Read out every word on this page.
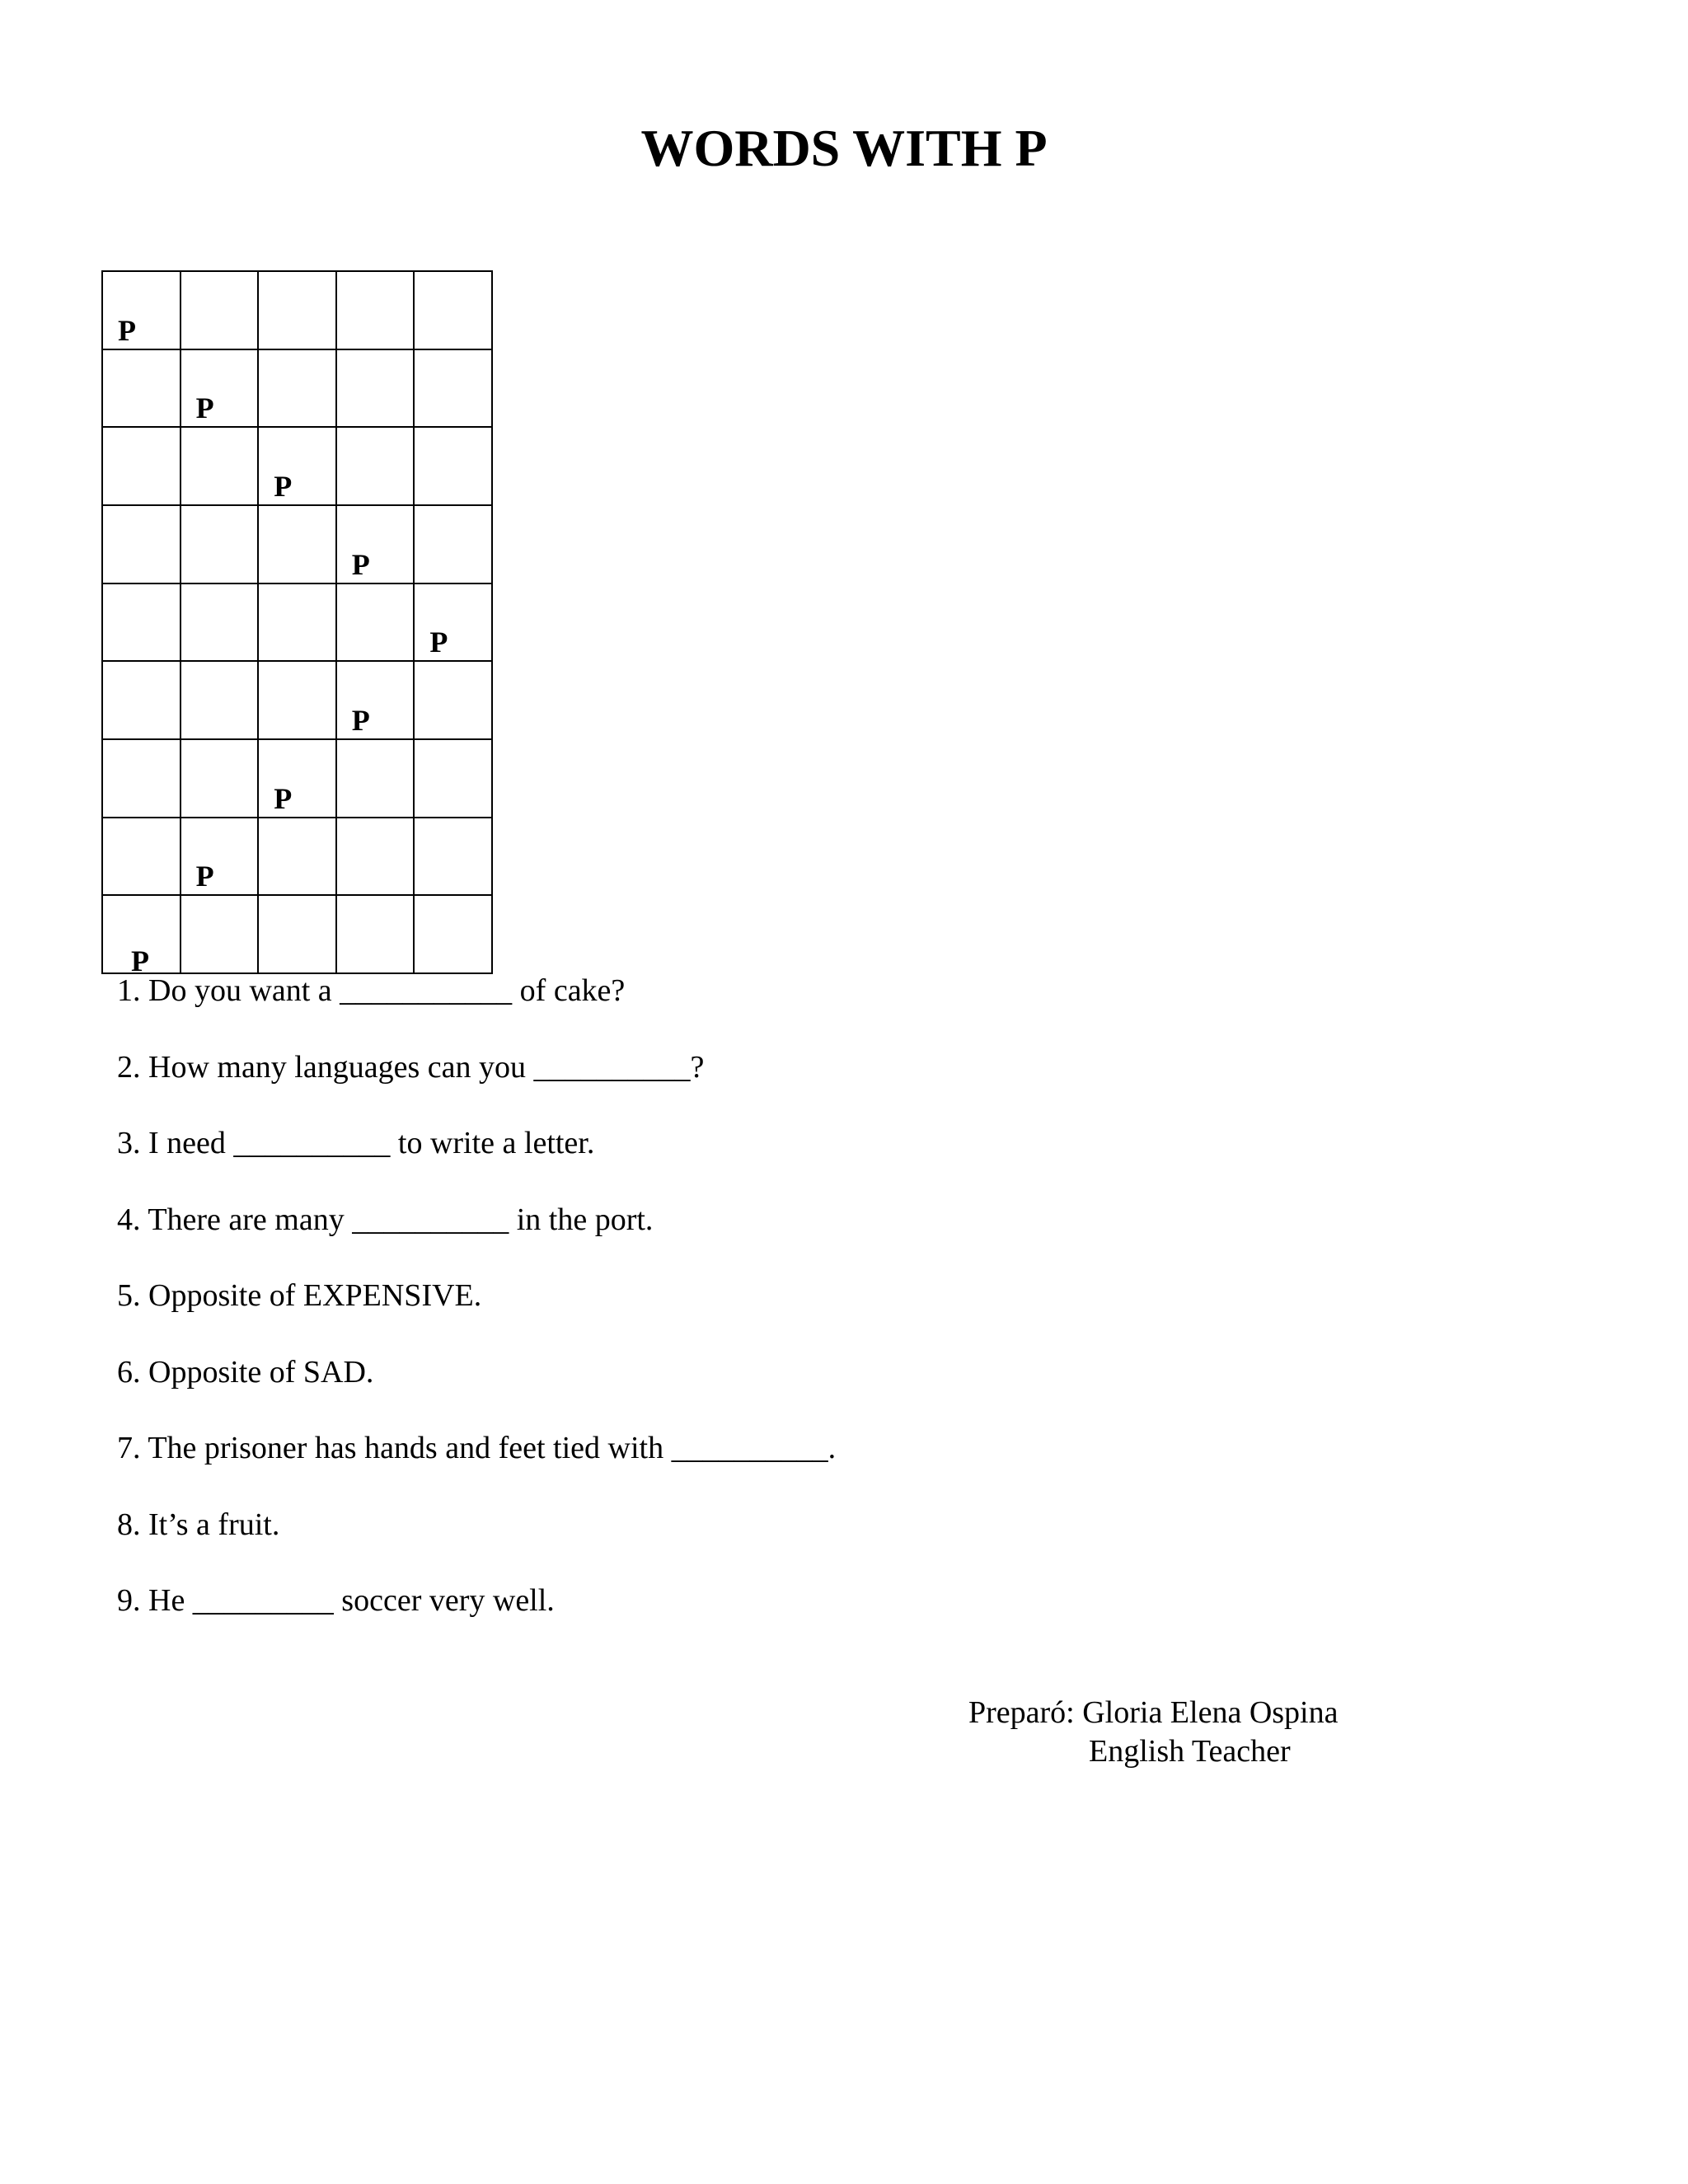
WORDS WITH P
P				

	P			

		P		

			P	

				P

			P	

		P		

	P			

P				

1. Do you want a ___________ of cake?
2. How many languages can you __________?
3. I need __________ to write a letter.
4. There are many __________ in the port.
5. Opposite of EXPENSIVE.
6. Opposite of SAD.
7. The prisoner has hands and feet tied with __________.
8. It’s a fruit.
9. He _________ soccer very well.
Preparó: Gloria Elena Ospina
English Teacher
